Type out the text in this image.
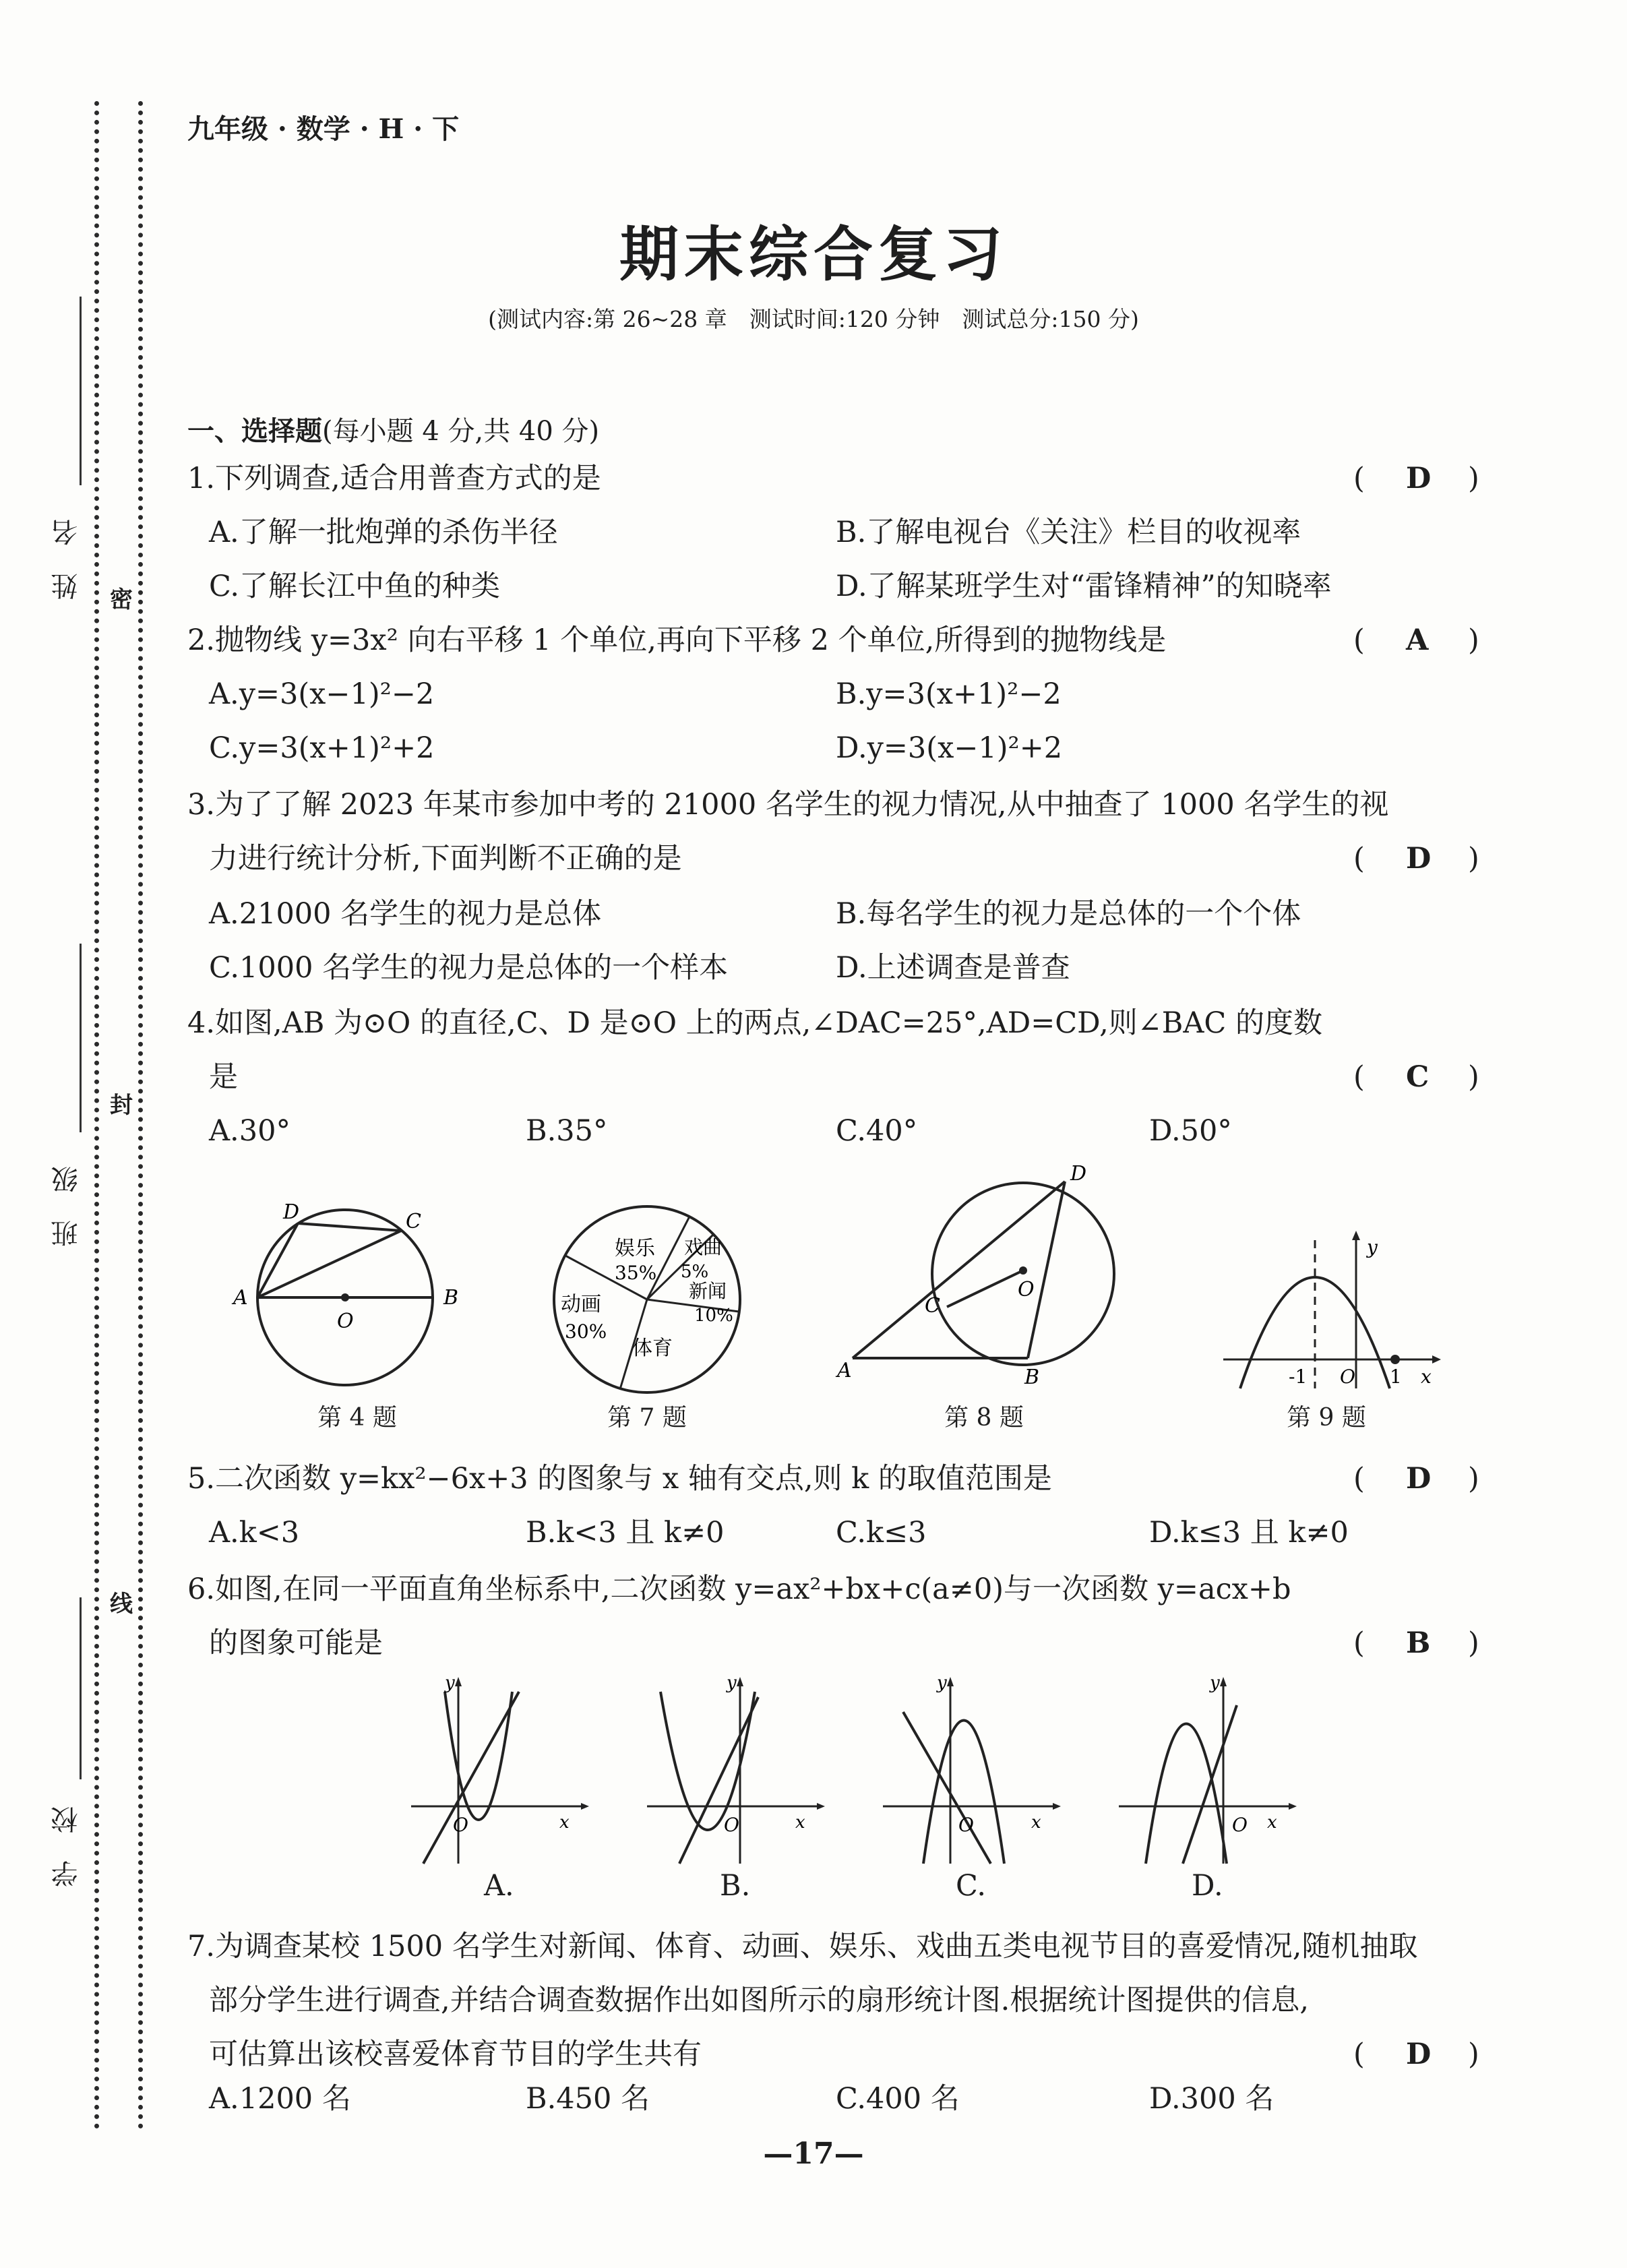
姓　名
班　级
学　校
密
封
线
九年级 · 数学 · H · 下
期末综合复习
(测试内容:第 26~28 章　测试时间:120 分钟　测试总分:150 分)
一、选择题(每小题 4 分,共 40 分)
1.下列调查,适合用普查方式的是	( D )
A.了解一批炮弹的杀伤半径	B.了解电视台《关注》栏目的收视率
C.了解长江中鱼的种类	D.了解某班学生对“雷锋精神”的知晓率
2.抛物线 y=3x² 向右平移 1 个单位,再向下平移 2 个单位,所得到的抛物线是	( A )
A.y=3(x−1)²−2	B.y=3(x+1)²−2
C.y=3(x+1)²+2	D.y=3(x−1)²+2
3.为了了解 2023 年某市参加中考的 21000 名学生的视力情况,从中抽查了 1000 名学生的视
力进行统计分析,下面判断不正确的是	( D )
A.21000 名学生的视力是总体	B.每名学生的视力是总体的一个个体
C.1000 名学生的视力是总体的一个样本	D.上述调查是普查
4.如图,AB 为⊙O 的直径,C、D 是⊙O 上的两点,∠DAC=25°,AD=CD,则∠BAC 的度数
是	( C )
A.30°	B.35°	C.40°	D.50°
D	C
A	B
O
第 4 题
娱乐
35%
戏曲
5%
新闻
10%
动画
30%
体育
第 7 题
D
O
C
A	B
第 8 题
y
-1 O 1 x
第 9 题
5.二次函数 y=kx²−6x+3 的图象与 x 轴有交点,则 k 的取值范围是	( D )
A.k<3	B.k<3 且 k≠0	C.k≤3	D.k≤3 且 k≠0
6.如图,在同一平面直角坐标系中,二次函数 y=ax²+bx+c(a≠0)与一次函数 y=acx+b
的图象可能是	( B )
y
x
O
A.
y
x
O
B.
y
x
O
C.
y
x
O
D.
7.为调查某校 1500 名学生对新闻、体育、动画、娱乐、戏曲五类电视节目的喜爱情况,随机抽取
部分学生进行调查,并结合调查数据作出如图所示的扇形统计图.根据统计图提供的信息,
可估算出该校喜爱体育节目的学生共有	( D )
A.1200 名	B.450 名	C.400 名	D.300 名
—17—
